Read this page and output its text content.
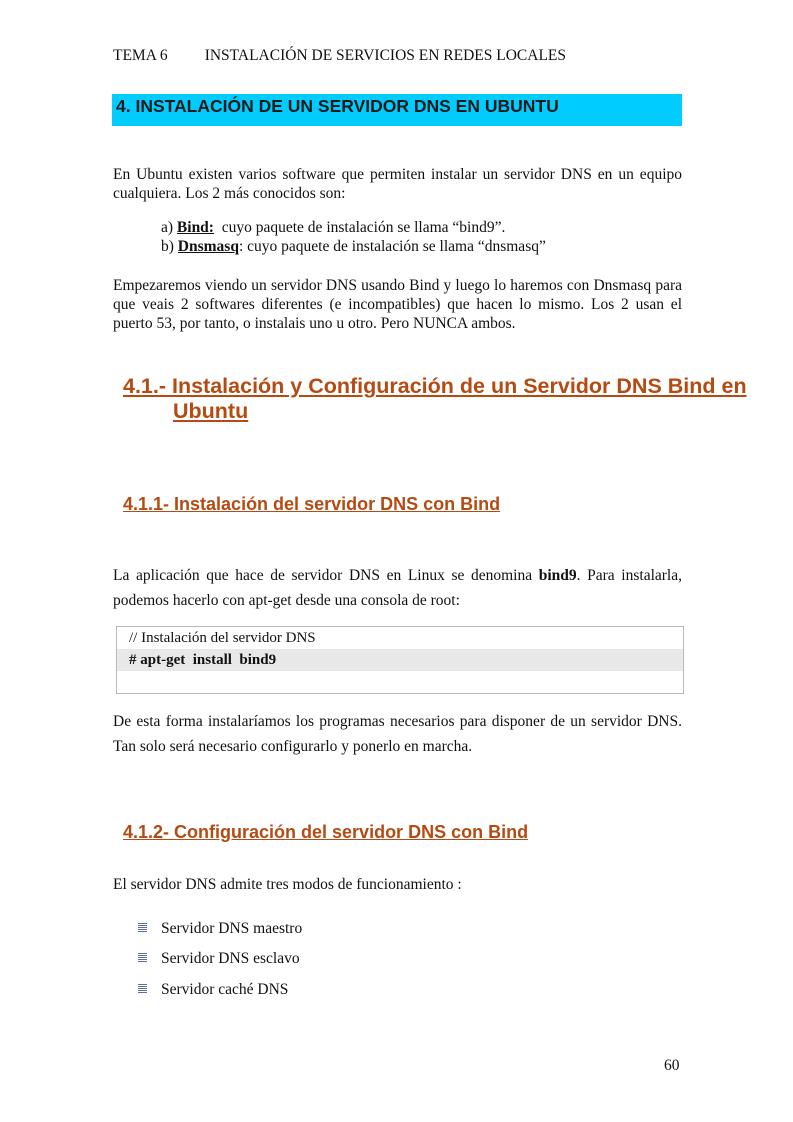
TEMA 6 INSTALACIÓN DE SERVICIOS EN REDES LOCALES
4. INSTALACIÓN DE UN SERVIDOR DNS EN UBUNTU
En Ubuntu existen varios software que permiten instalar un servidor DNS en un equipo cualquiera. Los 2 más conocidos son:
a) Bind:  cuyo paquete de instalación se llama “bind9”.
b) Dnsmasq: cuyo paquete de instalación se llama “dnsmasq”
Empezaremos viendo un servidor DNS usando Bind y luego lo haremos con Dnsmasq para que veais 2 softwares diferentes (e incompatibles) que hacen lo mismo. Los 2 usan el puerto 53, por tanto, o instalais uno u otro. Pero NUNCA ambos.
4.1.- Instalación y Configuración de un Servidor DNS Bind en
Ubuntu
4.1.1- Instalación del servidor DNS con Bind
La aplicación que hace de servidor DNS en Linux se denomina bind9. Para instalarla, podemos hacerlo con apt-get desde una consola de root:
// Instalación del servidor DNS
# apt-get  install  bind9
De esta forma instalaríamos los programas necesarios para disponer de un servidor DNS. Tan solo será necesario configurarlo y ponerlo en marcha.
4.1.2- Configuración del servidor DNS con Bind
El servidor DNS admite tres modos de funcionamiento :
Servidor DNS maestro
Servidor DNS esclavo
Servidor caché DNS
60
